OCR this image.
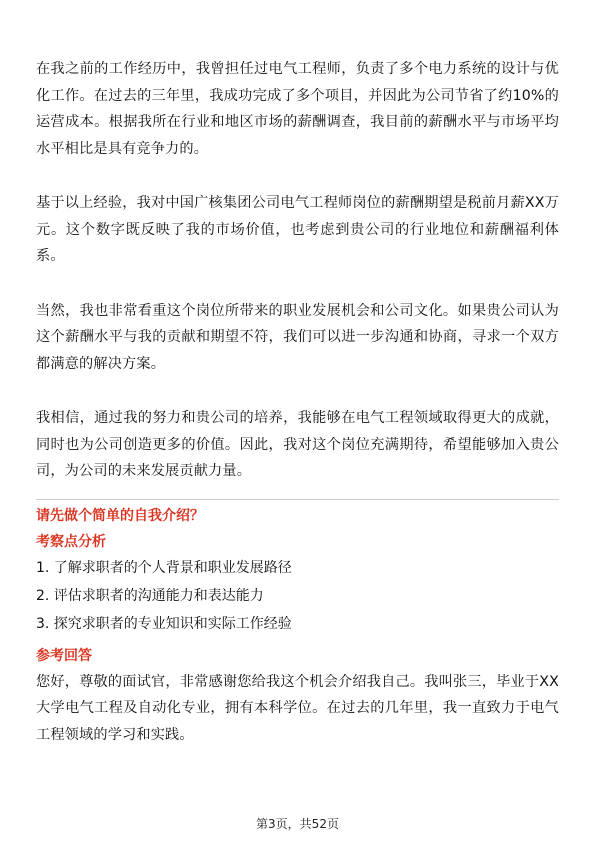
在我之前的工作经历中，我曾担任过电气工程师，负责了多个电力系统的设计与优化工作。在过去的三年里，我成功完成了多个项目，并因此为公司节省了约10%的运营成本。根据我所在行业和地区市场的薪酬调查，我目前的薪酬水平与市场平均水平相比是具有竞争力的。

基于以上经验，我对中国广核集团公司电气工程师岗位的薪酬期望是税前月薪XX万元。这个数字既反映了我的市场价值，也考虑到贵公司的行业地位和薪酬福利体系。

当然，我也非常看重这个岗位所带来的职业发展机会和公司文化。如果贵公司认为这个薪酬水平与我的贡献和期望不符，我们可以进一步沟通和协商，寻求一个双方都满意的解决方案。

我相信，通过我的努力和贵公司的培养，我能够在电气工程领域取得更大的成就，同时也为公司创造更多的价值。因此，我对这个岗位充满期待，希望能够加入贵公司，为公司的未来发展贡献力量。

请先做个简单的自我介绍？
考察点分析
1. 了解求职者的个人背景和职业发展路径
2. 评估求职者的沟通能力和表达能力
3. 探究求职者的专业知识和实际工作经验
参考回答

您好，尊敬的面试官，非常感谢您给我这个机会介绍我自己。我叫张三，毕业于XX大学电气工程及自动化专业，拥有本科学位。在过去的几年里，我一直致力于电气工程领域的学习和实践。

第3页，共52页
